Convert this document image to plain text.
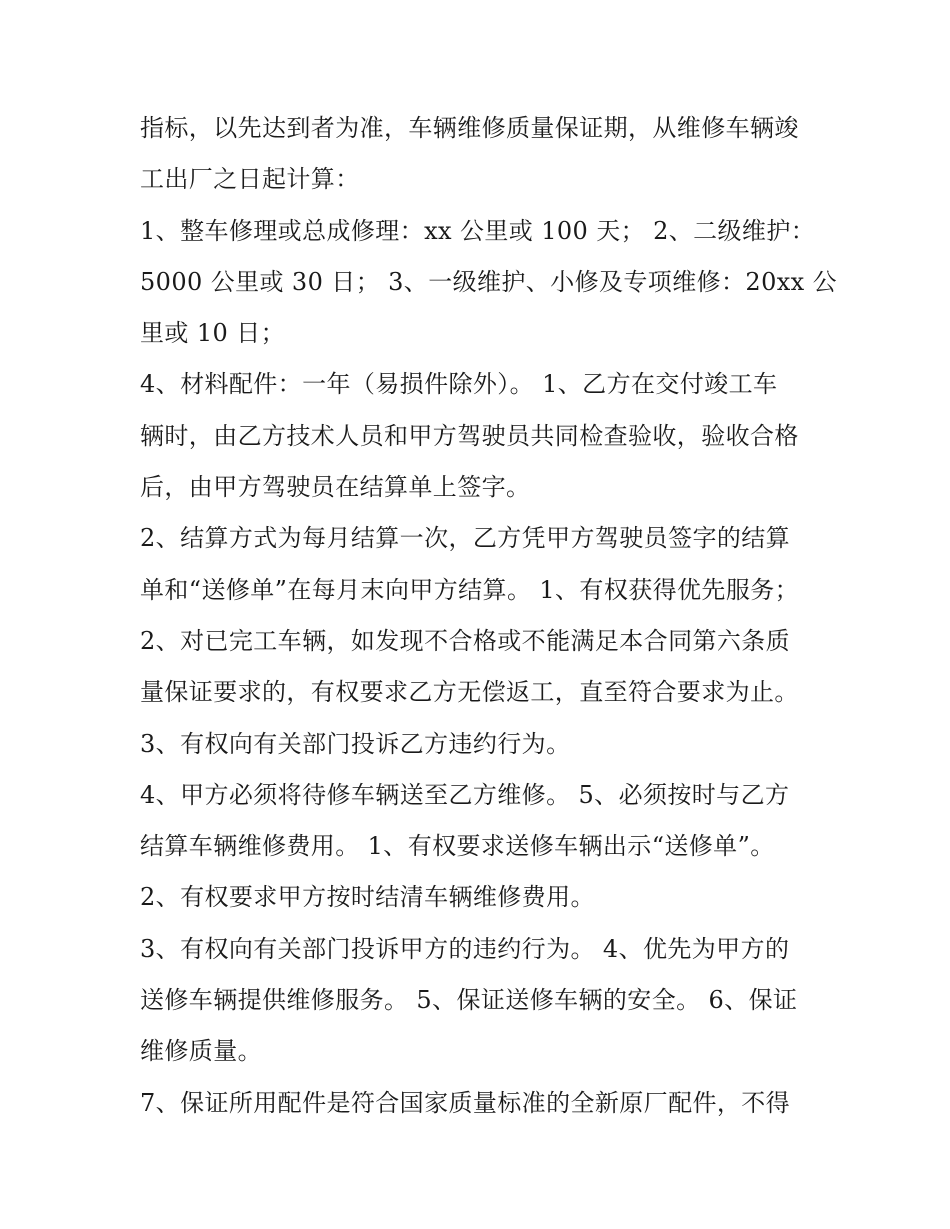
指标，以先达到者为准，车辆维修质量保证期，从维修车辆竣
工出厂之日起计算：
1、整车修理或总成修理：xx 公里或 100 天； 2、二级维护：
5000 公里或 30 日； 3、一级维护、小修及专项维修：20xx 公
里或 10 日；
4、材料配件：一年（易损件除外）。 1、乙方在交付竣工车
辆时，由乙方技术人员和甲方驾驶员共同检查验收，验收合格
后，由甲方驾驶员在结算单上签字。
2、结算方式为每月结算一次，乙方凭甲方驾驶员签字的结算
单和“送修单”在每月末向甲方结算。 1、有权获得优先服务；
2、对已完工车辆，如发现不合格或不能满足本合同第六条质
量保证要求的，有权要求乙方无偿返工，直至符合要求为止。
3、有权向有关部门投诉乙方违约行为。
4、甲方必须将待修车辆送至乙方维修。 5、必须按时与乙方
结算车辆维修费用。 1、有权要求送修车辆出示“送修单”。
2、有权要求甲方按时结清车辆维修费用。
3、有权向有关部门投诉甲方的违约行为。 4、优先为甲方的
送修车辆提供维修服务。 5、保证送修车辆的安全。 6、保证
维修质量。
7、保证所用配件是符合国家质量标准的全新原厂配件，不得
